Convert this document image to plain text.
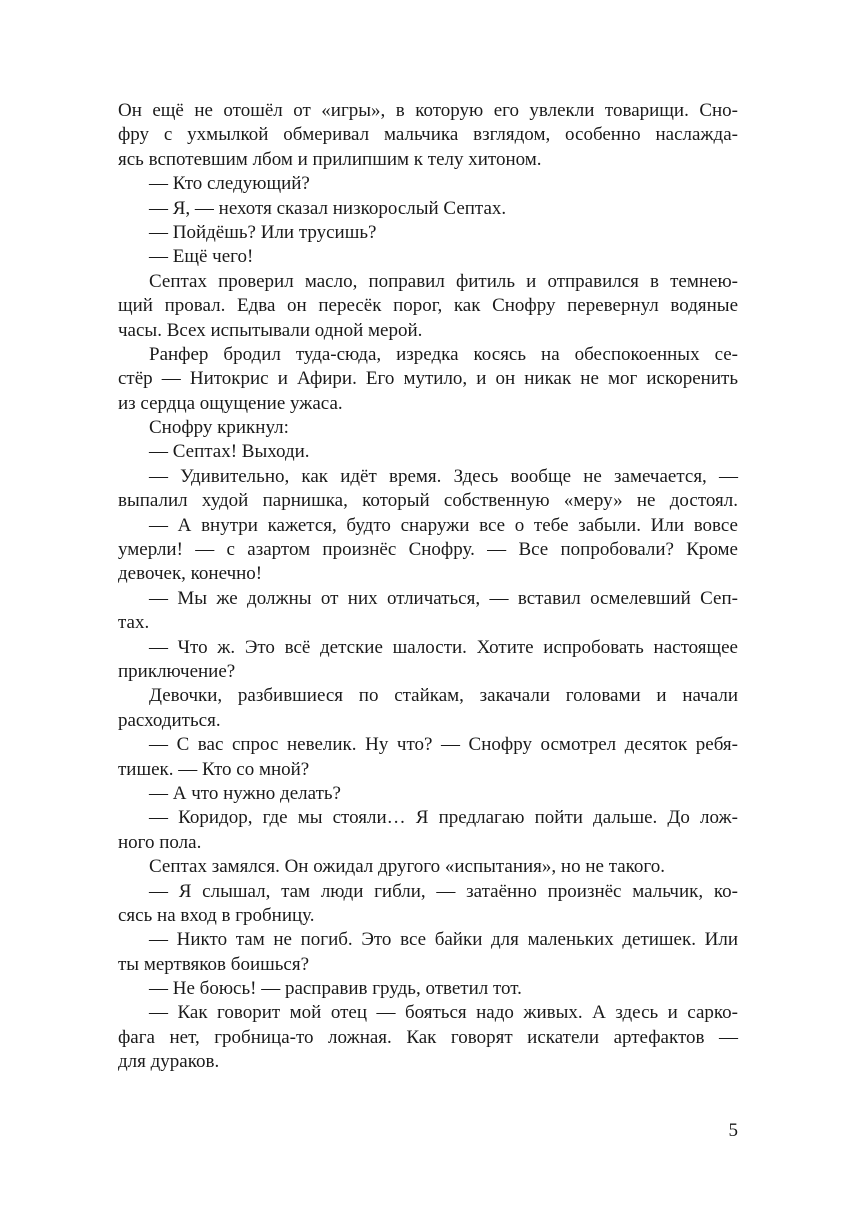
Он ещё не отошёл от «игры», в которую его увлекли товарищи. Сно-
фру с ухмылкой обмеривал мальчика взглядом, особенно наслажда-
ясь вспотевшим лбом и прилипшим к телу хитоном.
— Кто следующий?
— Я, — нехотя сказал низкорослый Септах.
— Пойдёшь? Или трусишь?
— Ещё чего!
Септах проверил масло, поправил фитиль и отправился в темнею-
щий провал. Едва он пересёк порог, как Снофру перевернул водяные
часы. Всех испытывали одной мерой.
Ранфер бродил туда-сюда, изредка косясь на обеспокоенных се-
стёр — Нитокрис и Афири. Его мутило, и он никак не мог искоренить
из сердца ощущение ужаса.
Снофру крикнул:
— Септах! Выходи.
— Удивительно, как идёт время. Здесь вообще не замечается, —
выпалил худой парнишка, который собственную «меру» не достоял.
— А внутри кажется, будто снаружи все о тебе забыли. Или вовсе
умерли! — с азартом произнёс Снофру. — Все попробовали? Кроме
девочек, конечно!
— Мы же должны от них отличаться, — вставил осмелевший Сеп-
тах.
— Что ж. Это всё детские шалости. Хотите испробовать настоящее
приключение?
Девочки, разбившиеся по стайкам, закачали головами и начали
расходиться.
— С вас спрос невелик. Ну что? — Снофру осмотрел десяток ребя-
тишек. — Кто со мной?
— А что нужно делать?
— Коридор, где мы стояли… Я предлагаю пойти дальше. До лож-
ного пола.
Септах замялся. Он ожидал другого «испытания», но не такого.
— Я слышал, там люди гибли, — затаённо произнёс мальчик, ко-
сясь на вход в гробницу.
— Никто там не погиб. Это все байки для маленьких детишек. Или
ты мертвяков боишься?
— Не боюсь! — расправив грудь, ответил тот.
— Как говорит мой отец — бояться надо живых. А здесь и сарко-
фага нет, гробница-то ложная. Как говорят искатели артефактов —
для дураков.
5
